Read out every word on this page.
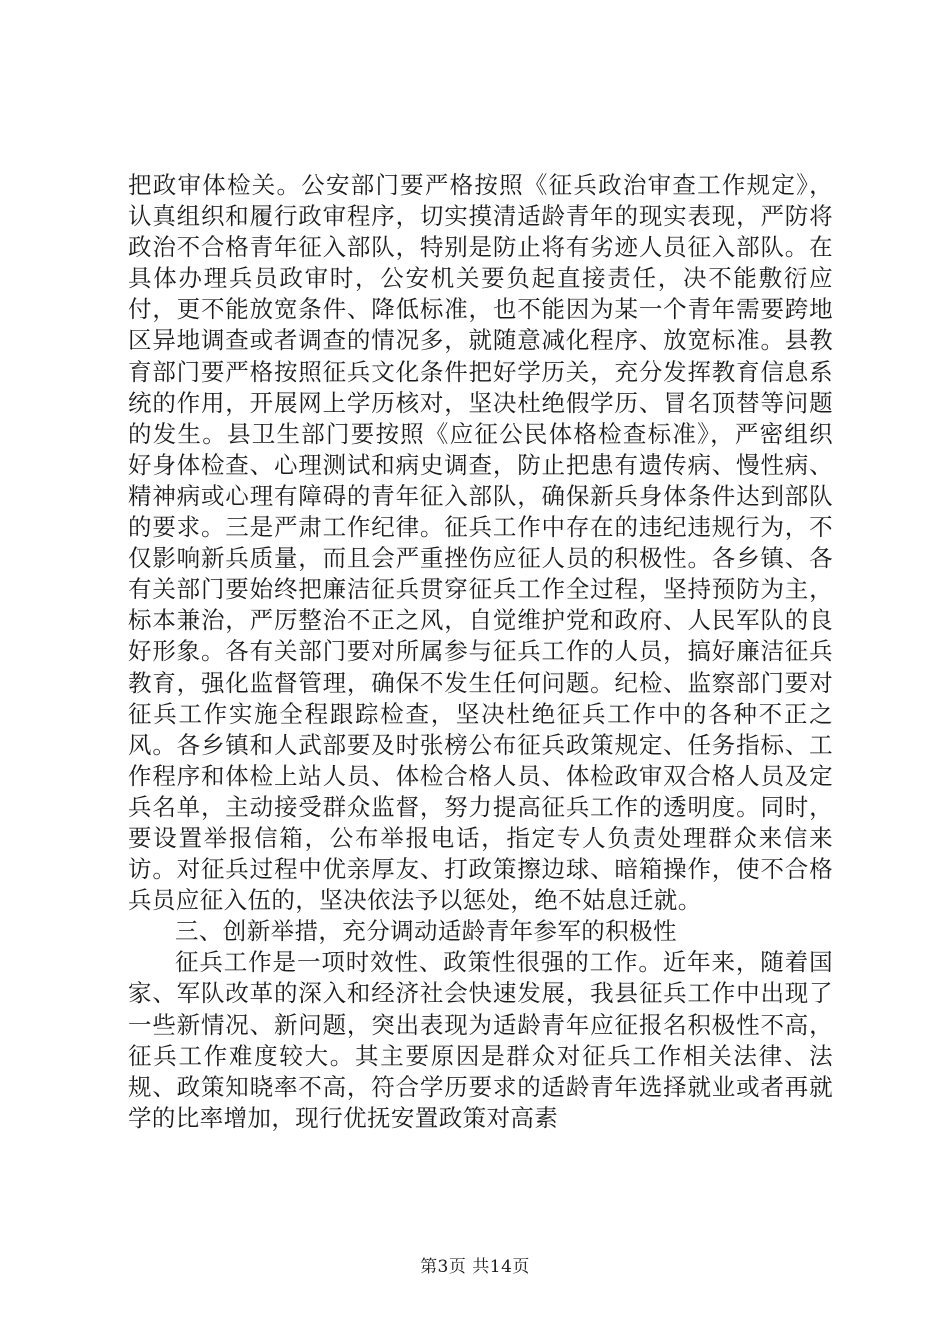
把政审体检关。公安部门要严格按照《征兵政治审查工作规定》，认真组织和履行政审程序，切实摸清适龄青年的现实表现，严防将政治不合格青年征入部队，特别是防止将有劣迹人员征入部队。在具体办理兵员政审时，公安机关要负起直接责任，决不能敷衍应付，更不能放宽条件、降低标准，也不能因为某一个青年需要跨地区异地调查或者调查的情况多，就随意减化程序、放宽标准。县教育部门要严格按照征兵文化条件把好学历关，充分发挥教育信息系统的作用，开展网上学历核对，坚决杜绝假学历、冒名顶替等问题的发生。县卫生部门要按照《应征公民体格检查标准》，严密组织好身体检查、心理测试和病史调查，防止把患有遗传病、慢性病、精神病或心理有障碍的青年征入部队，确保新兵身体条件达到部队的要求。三是严肃工作纪律。征兵工作中存在的违纪违规行为，不仅影响新兵质量，而且会严重挫伤应征人员的积极性。各乡镇、各有关部门要始终把廉洁征兵贯穿征兵工作全过程，坚持预防为主，标本兼治，严厉整治不正之风，自觉维护党和政府、人民军队的良好形象。各有关部门要对所属参与征兵工作的人员，搞好廉洁征兵教育，强化监督管理，确保不发生任何问题。纪检、监察部门要对征兵工作实施全程跟踪检查，坚决杜绝征兵工作中的各种不正之风。各乡镇和人武部要及时张榜公布征兵政策规定、任务指标、工作程序和体检上站人员、体检合格人员、体检政审双合格人员及定兵名单，主动接受群众监督，努力提高征兵工作的透明度。同时，要设置举报信箱，公布举报电话，指定专人负责处理群众来信来访。对征兵过程中优亲厚友、打政策擦边球、暗箱操作，使不合格兵员应征入伍的，坚决依法予以惩处，绝不姑息迁就。

三、创新举措，充分调动适龄青年参军的积极性

征兵工作是一项时效性、政策性很强的工作。近年来，随着国家、军队改革的深入和经济社会快速发展，我县征兵工作中出现了一些新情况、新问题，突出表现为适龄青年应征报名积极性不高，征兵工作难度较大。其主要原因是群众对征兵工作相关法律、法规、政策知晓率不高，符合学历要求的适龄青年选择就业或者再就学的比率增加，现行优抚安置政策对高素

第3页 共14页
